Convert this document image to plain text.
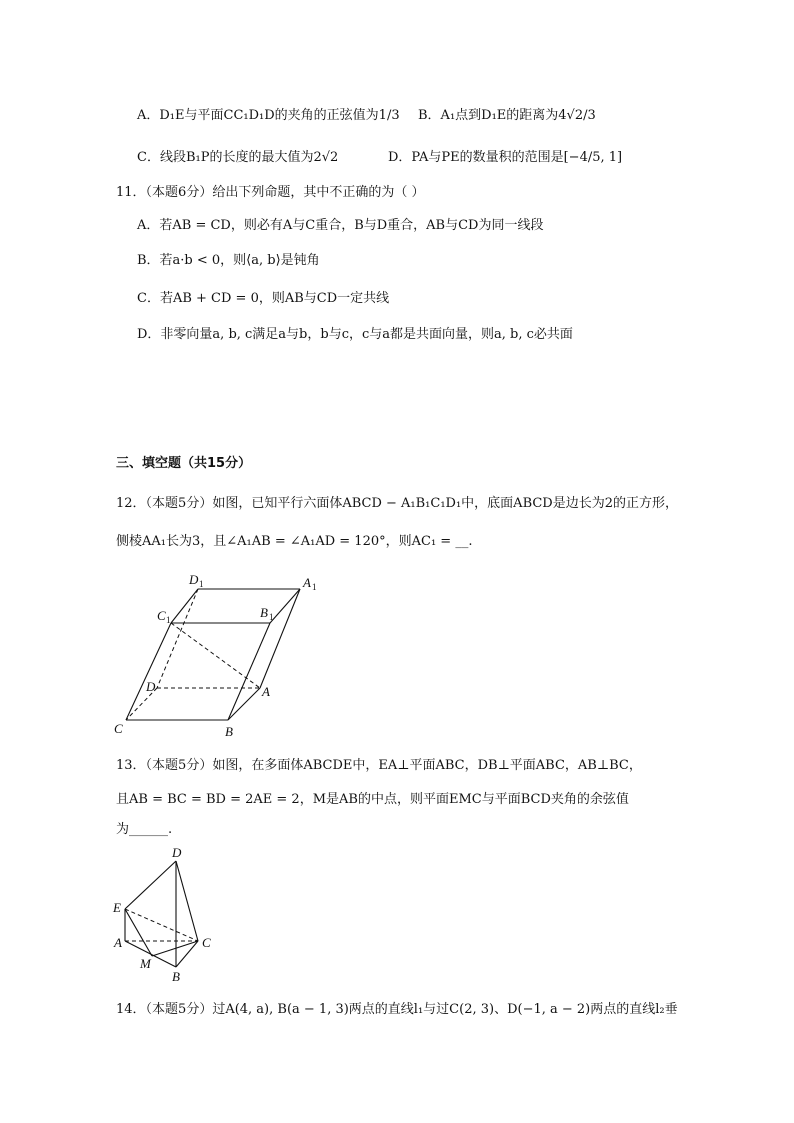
A．D₁E与平面CC₁D₁D的夹角的正弦值为1/3 B．A₁点到D₁E的距离为4√2/3
C．线段B₁P的长度的最大值为2√2	D．PA与PE的数量积的范围是[−4/5, 1]
11．（本题6分）给出下列命题，其中不正确的为（ ）
A．若AB = CD，则必有A与C重合，B与D重合，AB与CD为同一线段
B．若a·b < 0，则⟨a, b⟩是钝角
C．若AB + CD = 0，则AB与CD一定共线
D．非零向量a, b, c满足a与b，b与c，c与a都是共面向量，则a, b, c必共面
三、填空题（共15分）
12．（本题5分）如图，已知平行六面体ABCD − A₁B₁C₁D₁中，底面ABCD是边长为2的正方形，
侧棱AA₁长为3，且∠A₁AB = ∠A₁AD = 120°，则AC₁ = __.
D 1	A 1
C 1	B 1
D	A
C	B
13．（本题5分）如图，在多面体ABCDE中，EA⊥平面ABC，DB⊥平面ABC，AB⊥BC，
且AB = BC = BD = 2AE = 2，M是AB的中点，则平面EMC与平面BCD夹角的余弦值
为______.
D
E
A	C
M
B
14．（本题5分）过A(4, a), B(a − 1, 3)两点的直线l₁与过C(2, 3)、D(−1, a − 2)两点的直线l₂垂
